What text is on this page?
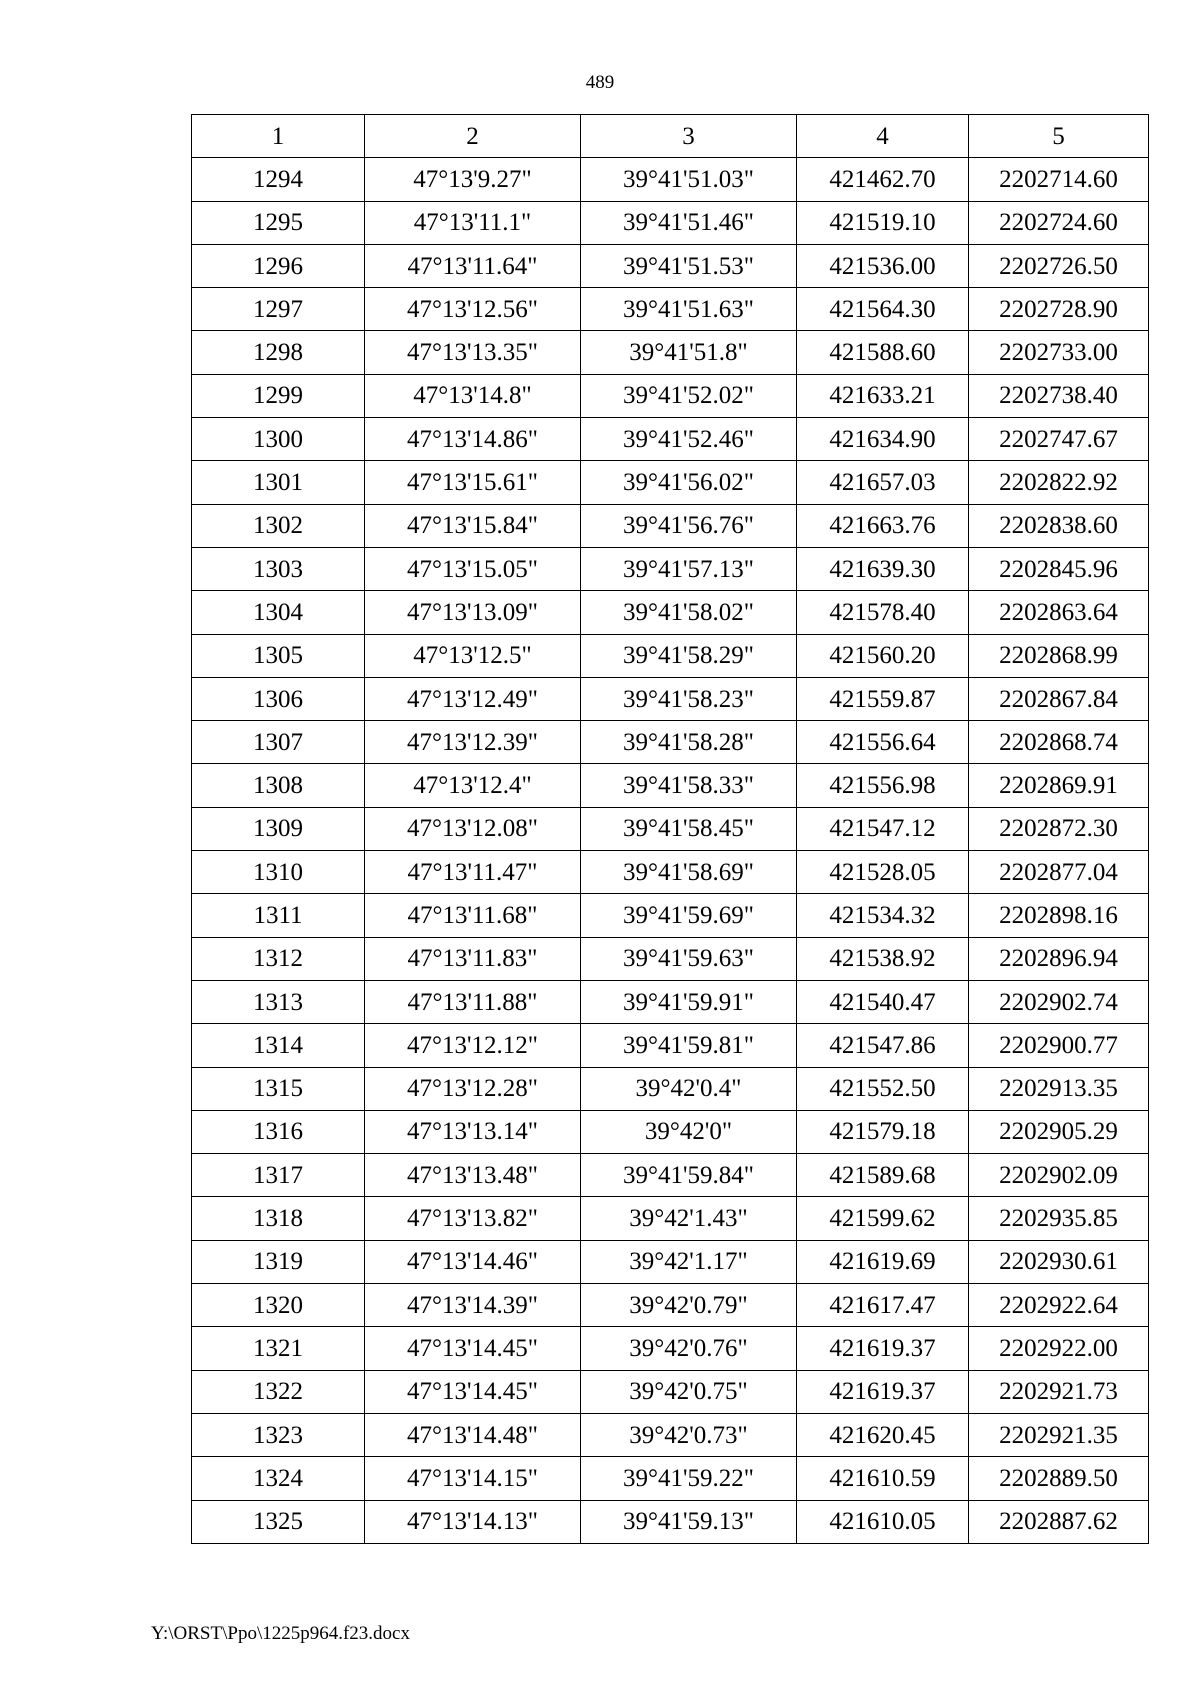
489
1	2	3	4	5
1294	47°13'9.27"	39°41'51.03"	421462.70	2202714.60
1295	47°13'11.1"	39°41'51.46"	421519.10	2202724.60
1296	47°13'11.64"	39°41'51.53"	421536.00	2202726.50
1297	47°13'12.56"	39°41'51.63"	421564.30	2202728.90
1298	47°13'13.35"	39°41'51.8"	421588.60	2202733.00
1299	47°13'14.8"	39°41'52.02"	421633.21	2202738.40
1300	47°13'14.86"	39°41'52.46"	421634.90	2202747.67
1301	47°13'15.61"	39°41'56.02"	421657.03	2202822.92
1302	47°13'15.84"	39°41'56.76"	421663.76	2202838.60
1303	47°13'15.05"	39°41'57.13"	421639.30	2202845.96
1304	47°13'13.09"	39°41'58.02"	421578.40	2202863.64
1305	47°13'12.5"	39°41'58.29"	421560.20	2202868.99
1306	47°13'12.49"	39°41'58.23"	421559.87	2202867.84
1307	47°13'12.39"	39°41'58.28"	421556.64	2202868.74
1308	47°13'12.4"	39°41'58.33"	421556.98	2202869.91
1309	47°13'12.08"	39°41'58.45"	421547.12	2202872.30
1310	47°13'11.47"	39°41'58.69"	421528.05	2202877.04
1311	47°13'11.68"	39°41'59.69"	421534.32	2202898.16
1312	47°13'11.83"	39°41'59.63"	421538.92	2202896.94
1313	47°13'11.88"	39°41'59.91"	421540.47	2202902.74
1314	47°13'12.12"	39°41'59.81"	421547.86	2202900.77
1315	47°13'12.28"	39°42'0.4"	421552.50	2202913.35
1316	47°13'13.14"	39°42'0"	421579.18	2202905.29
1317	47°13'13.48"	39°41'59.84"	421589.68	2202902.09
1318	47°13'13.82"	39°42'1.43"	421599.62	2202935.85
1319	47°13'14.46"	39°42'1.17"	421619.69	2202930.61
1320	47°13'14.39"	39°42'0.79"	421617.47	2202922.64
1321	47°13'14.45"	39°42'0.76"	421619.37	2202922.00
1322	47°13'14.45"	39°42'0.75"	421619.37	2202921.73
1323	47°13'14.48"	39°42'0.73"	421620.45	2202921.35
1324	47°13'14.15"	39°41'59.22"	421610.59	2202889.50
1325	47°13'14.13"	39°41'59.13"	421610.05	2202887.62
Y:\ORST\Ppo\1225p964.f23.docx
